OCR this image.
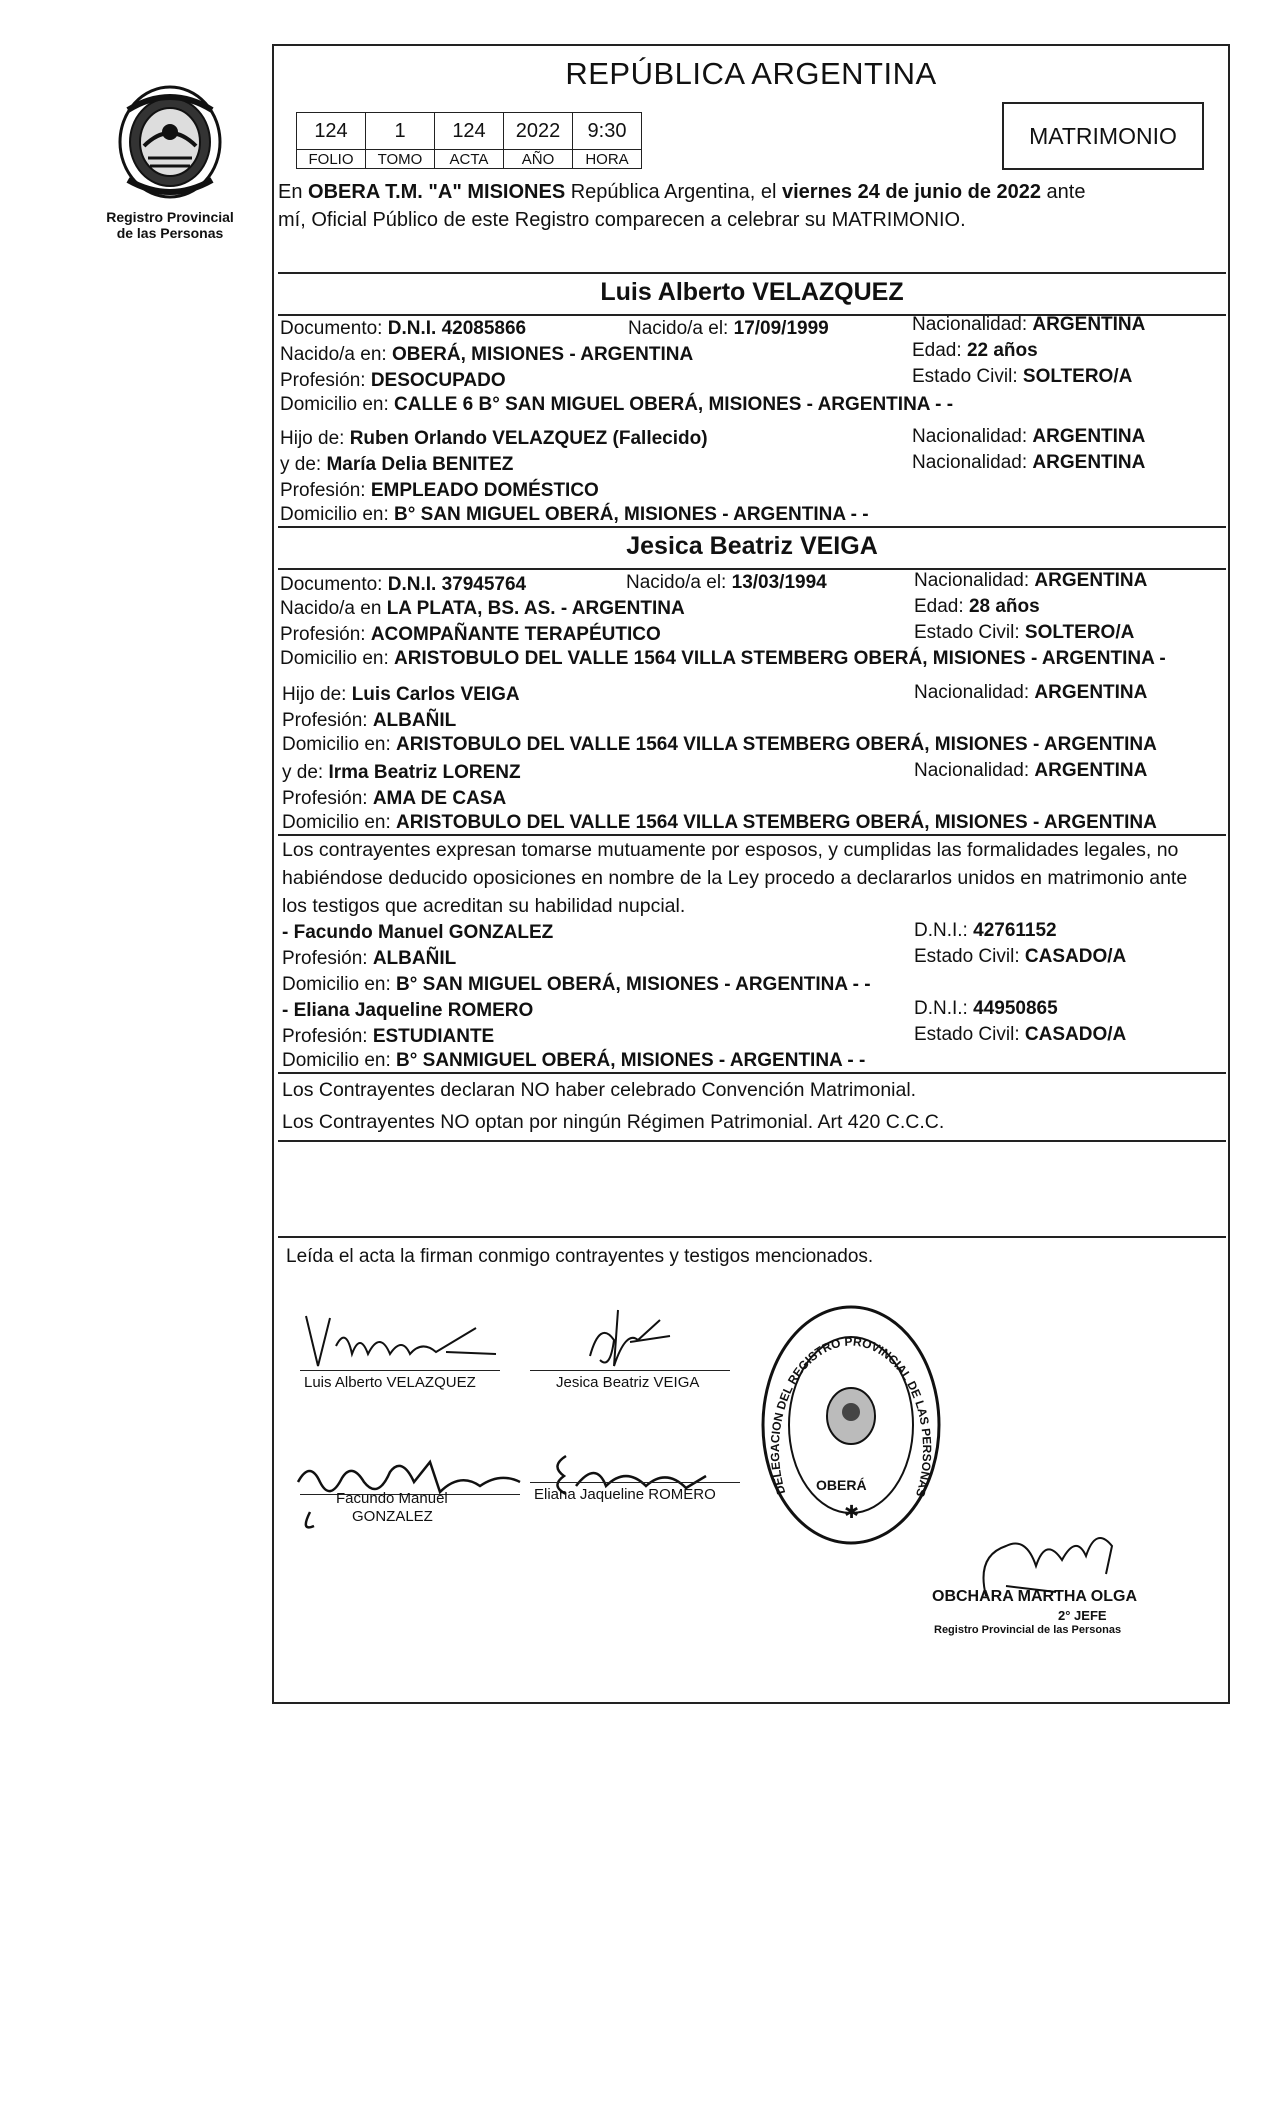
Registro Provincial
de las Personas
REPÚBLICA ARGENTINA
124	1	124	2022	9:30
FOLIO	TOMO	ACTA	AÑO	HORA
MATRIMONIO
En OBERA T.M. "A" MISIONES República Argentina, el viernes 24 de junio de 2022 ante
mí, Oficial Público de este Registro comparecen a celebrar su MATRIMONIO.
Luis Alberto VELAZQUEZ
Documento: D.N.I. 42085866	Nacido/a el: 17/09/1999	Nacionalidad: ARGENTINA
Nacido/a en: OBERÁ, MISIONES - ARGENTINA	Edad: 22 años
Profesión: DESOCUPADO	Estado Civil: SOLTERO/A
Domicilio en: CALLE 6 B° SAN MIGUEL OBERÁ, MISIONES - ARGENTINA - -
Hijo de: Ruben Orlando VELAZQUEZ (Fallecido)	Nacionalidad: ARGENTINA
y de: María Delia BENITEZ	Nacionalidad: ARGENTINA
Profesión: EMPLEADO DOMÉSTICO
Domicilio en: B° SAN MIGUEL OBERÁ, MISIONES - ARGENTINA - -
Jesica Beatriz VEIGA
Documento: D.N.I. 37945764	Nacido/a el: 13/03/1994	Nacionalidad: ARGENTINA
Nacido/a en LA PLATA, BS. AS. - ARGENTINA	Edad: 28 años
Profesión: ACOMPAÑANTE TERAPÉUTICO	Estado Civil: SOLTERO/A
Domicilio en: ARISTOBULO DEL VALLE 1564 VILLA STEMBERG OBERÁ, MISIONES - ARGENTINA -
Hijo de: Luis Carlos VEIGA	Nacionalidad: ARGENTINA
Profesión: ALBAÑIL
Domicilio en: ARISTOBULO DEL VALLE 1564 VILLA STEMBERG OBERÁ, MISIONES - ARGENTINA
y de: Irma Beatriz LORENZ	Nacionalidad: ARGENTINA
Profesión: AMA DE CASA
Domicilio en: ARISTOBULO DEL VALLE 1564 VILLA STEMBERG OBERÁ, MISIONES - ARGENTINA
Los contrayentes expresan tomarse mutuamente por esposos, y cumplidas las formalidades legales, no
habiéndose deducido oposiciones en nombre de la Ley procedo a declararlos unidos en matrimonio ante
los testigos que acreditan su habilidad nupcial.
- Facundo Manuel GONZALEZ	D.N.I.: 42761152
Profesión: ALBAÑIL	Estado Civil: CASADO/A
Domicilio en: B° SAN MIGUEL OBERÁ, MISIONES - ARGENTINA - -
- Eliana Jaqueline ROMERO	D.N.I.: 44950865
Profesión: ESTUDIANTE	Estado Civil: CASADO/A
Domicilio en: B° SANMIGUEL OBERÁ, MISIONES - ARGENTINA - -
Los Contrayentes declaran NO haber celebrado Convención Matrimonial.
Los Contrayentes NO optan por ningún Régimen Patrimonial. Art 420 C.C.C.
Leída el acta la firman conmigo contrayentes y testigos mencionados.
Luis Alberto VELAZQUEZ	Jesica Beatriz VEIGA
Facundo Manuel
GONZALEZ
Eliana Jaqueline ROMERO
OBERÁ
✱
DELEGACION DEL REGISTRO PROVINCIAL DE LAS PERSONAS
OBCHARA MARTHA OLGA
2° JEFE
Registro Provincial de las Personas
